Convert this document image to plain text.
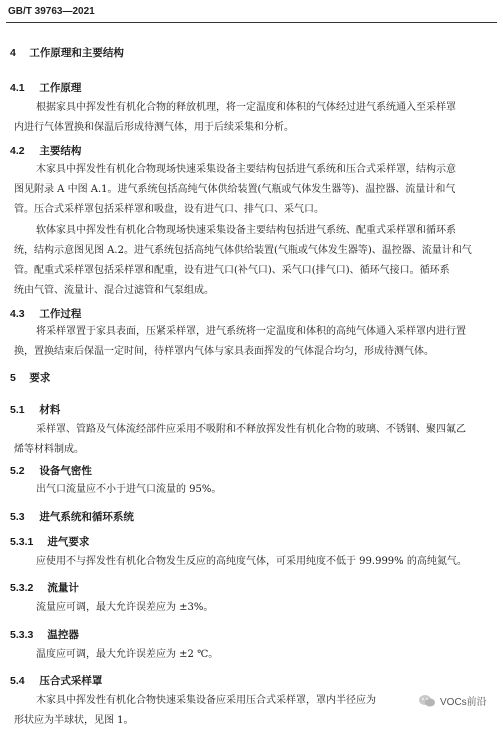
GB/T 39763—2021
4 工作原理和主要结构
4.1 工作原理
根据家具中挥发性有机化合物的释放机理，将一定温度和体积的气体经过进气系统通入至采样罩
内进行气体置换和保温后形成待测气体，用于后续采集和分析。
4.2 主要结构
木家具中挥发性有机化合物现场快速采集设备主要结构包括进气系统和压合式采样罩，结构示意
图见附录 A 中图 A.1。进气系统包括高纯气体供给装置(气瓶或气体发生器等)、温控器、流量计和气
管。压合式采样罩包括采样罩和吸盘，设有进气口、排气口、采气口。
软体家具中挥发性有机化合物现场快速采集设备主要结构包括进气系统、配重式采样罩和循环系
统，结构示意图见图 A.2。进气系统包括高纯气体供给装置(气瓶或气体发生器等)、温控器、流量计和气
管。配重式采样罩包括采样罩和配重，设有进气口(补气口)、采气口(排气口)、循环气接口。循环系
统由气管、流量计、混合过滤管和气泵组成。
4.3 工作过程
将采样罩置于家具表面，压紧采样罩，进气系统将一定温度和体积的高纯气体通入采样罩内进行置
换，置换结束后保温一定时间，待样罩内气体与家具表面挥发的气体混合均匀，形成待测气体。
5 要求
5.1 材料
采样罩、管路及气体流经部件应采用不吸附和不释放挥发性有机化合物的玻璃、不锈钢、聚四氟乙
烯等材料制成。
5.2 设备气密性
出气口流量应不小于进气口流量的 95%。
5.3 进气系统和循环系统
5.3.1 进气要求
应使用不与挥发性有机化合物发生反应的高纯度气体，可采用纯度不低于 99.999% 的高纯氮气。
5.3.2 流量计
流量应可调，最大允许误差应为 ±3%。
5.3.3 温控器
温度应可调，最大允许误差应为 ±2 ℃。
5.4 压合式采样罩
木家具中挥发性有机化合物快速采集设备应采用压合式采样罩，罩内半径应为
形状应为半球状，见图 1。
VOCs前沿
